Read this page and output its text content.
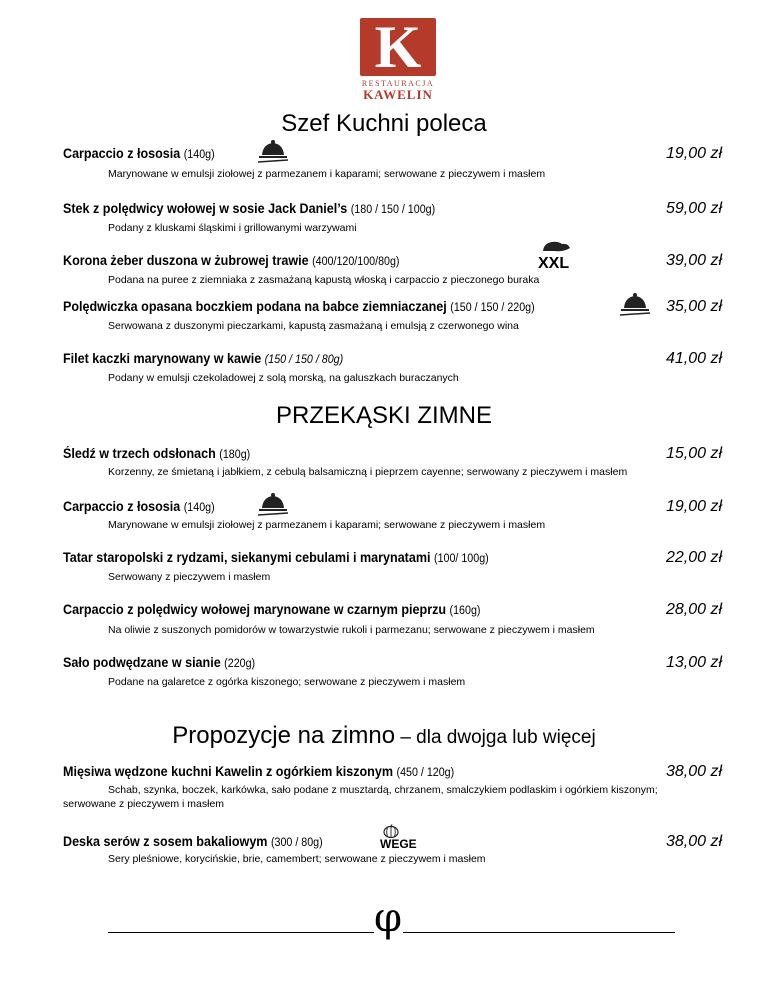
K
RESTAURACJA
KAWELIN
Szef Kuchni poleca
Carpaccio z łososia (140g)	19,00 zł
Marynowane w emulsji ziołowej z parmezanem i kaparami; serwowane z pieczywem i masłem
Stek z polędwicy wołowej w sosie Jack Daniel’s (180 / 150 / 100g)	59,00 zł
Podany z kluskami śląskimi i grillowanymi warzywami
Korona żeber duszona w żubrowej trawie (400/120/100/80g)	39,00 zł
Podana na puree z ziemniaka z zasmażaną kapustą włoską i carpaccio z pieczonego buraka
XXL
Polędwiczka opasana boczkiem podana na babce ziemniaczanej (150 / 150 / 220g)	35,00 zł
Serwowana z duszonymi pieczarkami, kapustą zasmażaną i emulsją z czerwonego wina
Filet kaczki marynowany w kawie (150 / 150 / 80g)	41,00 zł
Podany w emulsji czekoladowej z solą morską, na galuszkach buraczanych
PRZEKĄSKI ZIMNE
Śledź w trzech odsłonach (180g)	15,00 zł
Korzenny, ze śmietaną i jabłkiem, z cebulą balsamiczną i pieprzem cayenne; serwowany z pieczywem i masłem
Carpaccio z łososia (140g)	19,00 zł
Marynowane w emulsji ziołowej z parmezanem i kaparami; serwowane z pieczywem i masłem
Tatar staropolski z rydzami, siekanymi cebulami i marynatami (100/ 100g)	22,00 zł
Serwowany z pieczywem i masłem
Carpaccio z polędwicy wołowej marynowane w czarnym pieprzu (160g)	28,00 zł
Na oliwie z suszonych pomidorów w towarzystwie rukoli i parmezanu; serwowane z pieczywem i masłem
Sało podwędzane w sianie (220g)	13,00 zł
Podane na galaretce z ogórka kiszonego; serwowane z pieczywem i masłem
Propozycje na zimno – dla dwojga lub więcej
Mięsiwa wędzone kuchni Kawelin z ogórkiem kiszonym (450 / 120g)	38,00 zł
Schab, szynka, boczek, karkówka, sało podane z musztardą, chrzanem, smalczykiem podlaskim i ogórkiem kiszonym; serwowane z pieczywem i masłem
Deska serów z sosem bakaliowym (300 / 80g)	38,00 zł
Sery pleśniowe, korycińskie, brie, camembert; serwowane z pieczywem i masłem
WEGE
φ
